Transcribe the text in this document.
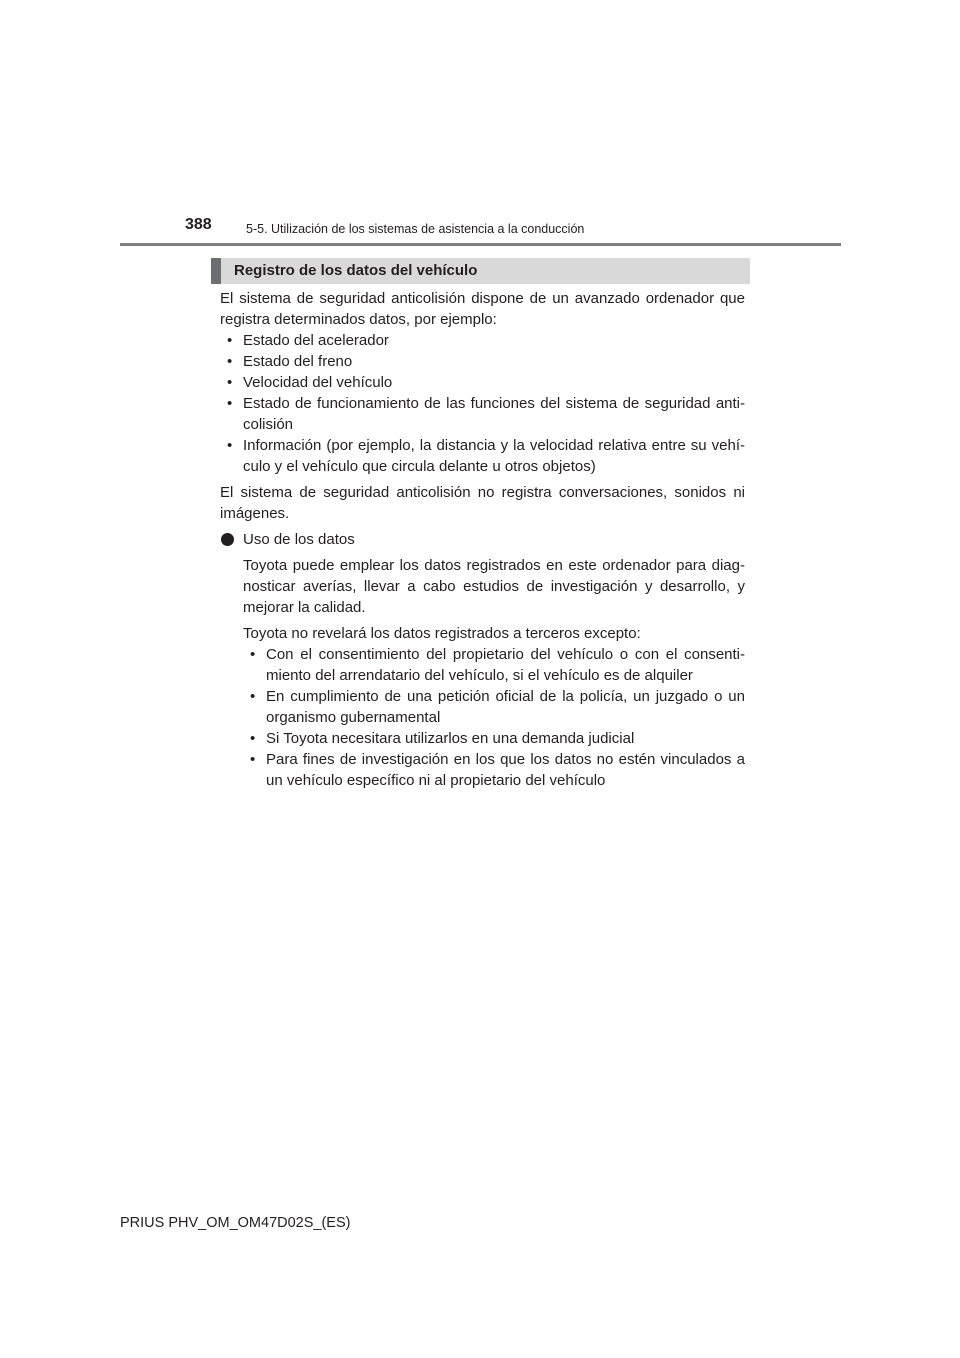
388	5-5. Utilización de los sistemas de asistencia a la conducción
Registro de los datos del vehículo

El sistema de seguridad anticolisión dispone de un avanzado ordenador que registra determinados datos, por ejemplo:

• Estado del acelerador
• Estado del freno
• Velocidad del vehículo
• Estado de funcionamiento de las funciones del sistema de seguridad anti-colisión
• Información (por ejemplo, la distancia y la velocidad relativa entre su vehí-culo y el vehículo que circula delante u otros objetos)

El sistema de seguridad anticolisión no registra conversaciones, sonidos ni imágenes.

Uso de los datos

Toyota puede emplear los datos registrados en este ordenador para diag-nosticar averías, llevar a cabo estudios de investigación y desarrollo, y mejorar la calidad.

Toyota no revelará los datos registrados a terceros excepto:

• Con el consentimiento del propietario del vehículo o con el consenti-miento del arrendatario del vehículo, si el vehículo es de alquiler
• En cumplimiento de una petición oficial de la policía, un juzgado o un organismo gubernamental
• Si Toyota necesitara utilizarlos en una demanda judicial
• Para fines de investigación en los que los datos no estén vinculados a un vehículo específico ni al propietario del vehículo
PRIUS PHV_OM_OM47D02S_(ES)
